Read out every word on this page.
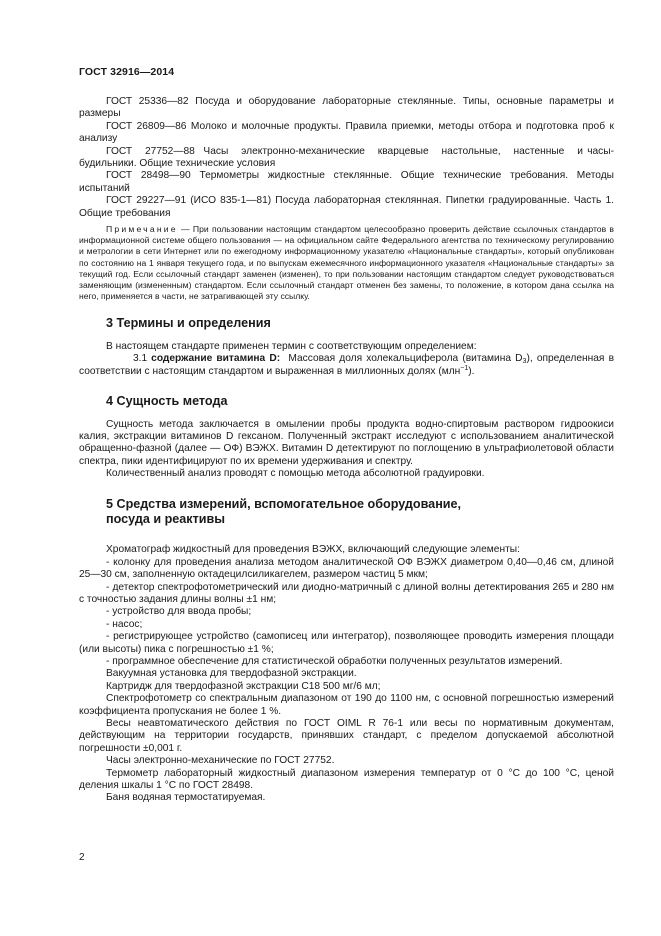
ГОСТ 32916—2014

ГОСТ 25336—82 Посуда и оборудование лабораторные стеклянные. Типы, основные параметры и размеры

ГОСТ 26809—86 Молоко и молочные продукты. Правила приемки, методы отбора и подготовка проб к анализу

ГОСТ   27752—88  Часы   электронно-механические   кварцевые   настольные,   настенные   и часы-будильники. Общие технические условия

ГОСТ 28498—90 Термометры жидкостные стеклянные. Общие технические требования. Методы испытаний

ГОСТ 29227—91 (ИСО 835-1—81) Посуда лабораторная стеклянная. Пипетки градуированные. Часть 1. Общие требования

Примечание — При пользовании настоящим стандартом целесообразно проверить действие ссылочных стандартов в информационной системе общего пользования — на официальном сайте Федерального агентства по техническому регулированию и метрологии в сети Интернет или по ежегодному информационному указателю «Национальные стандарты», который опубликован по состоянию на 1 января текущего года, и по выпускам ежемесячного информационного указателя «Национальные стандарты» за текущий год. Если ссылочный стандарт заменен (изменен), то при пользовании настоящим стандартом следует руководствоваться заменяющим (измененным) стандартом. Если ссылочный стандарт отменен без замены, то положение, в котором дана ссылка на него, применяется в части, не затрагивающей эту ссылку.

3 Термины и определения

В настоящем стандарте применен термин с соответствующим определением:

3.1 содержание витамина D:  Массовая доля холекальциферола (витамина $D_3$), определенная в соответствии с настоящим стандартом и выраженная в миллионных долях (млн$^{-1}$).

4 Сущность метода

Сущность метода заключается в омылении пробы продукта водно-спиртовым раствором гидроокиси калия, экстракции витаминов D гексаном. Полученный экстракт исследуют с использованием аналитической обращенно-фазной (далее — ОФ) ВЭЖХ. Витамин D детектируют по поглощению в ультрафиолетовой области спектра, пики идентифицируют по их времени удерживания и спектру.

Количественный анализ проводят с помощью метода абсолютной градуировки.

5 Средства измерений, вспомогательное оборудование,
посуда и реактивы

Хроматограф жидкостный для проведения ВЭЖХ, включающий следующие элементы:

- колонку для проведения анализа методом аналитической ОФ ВЭЖХ диаметром 0,40—0,46 см, длиной 25—30 см, заполненную октадецилсиликагелем, размером частиц 5 мкм;

- детектор спектрофотометрический или диодно-матричный с длиной волны детектирования 265 и 280 нм с точностью задания длины волны ±1 нм;

- устройство для ввода пробы;

- насос;

- регистрирующее устройство (самописец или интегратор), позволяющее проводить измерения площади (или высоты) пика с погрешностью ±1 %;

- программное обеспечение для статистической обработки полученных результатов измерений.

Вакуумная установка для твердофазной экстракции.

Картридж для твердофазной экстракции С18 500 мг/6 мл;

Спектрофотометр со спектральным диапазоном от 190 до 1100 нм, с основной погрешностью измерений коэффициента пропускания не более 1 %.

Весы неавтоматического действия по ГОСТ OIML R 76-1 или весы по нормативным документам, действующим на территории государств, принявших стандарт, с пределом допускаемой абсолютной погрешности ±0,001 г.

Часы электронно-механические по ГОСТ 27752.

Термометр лабораторный жидкостный диапазоном измерения температур от 0 °С до 100 °С, ценой деления шкалы 1 °С по ГОСТ 28498.

Баня водяная термостатируемая.

2
